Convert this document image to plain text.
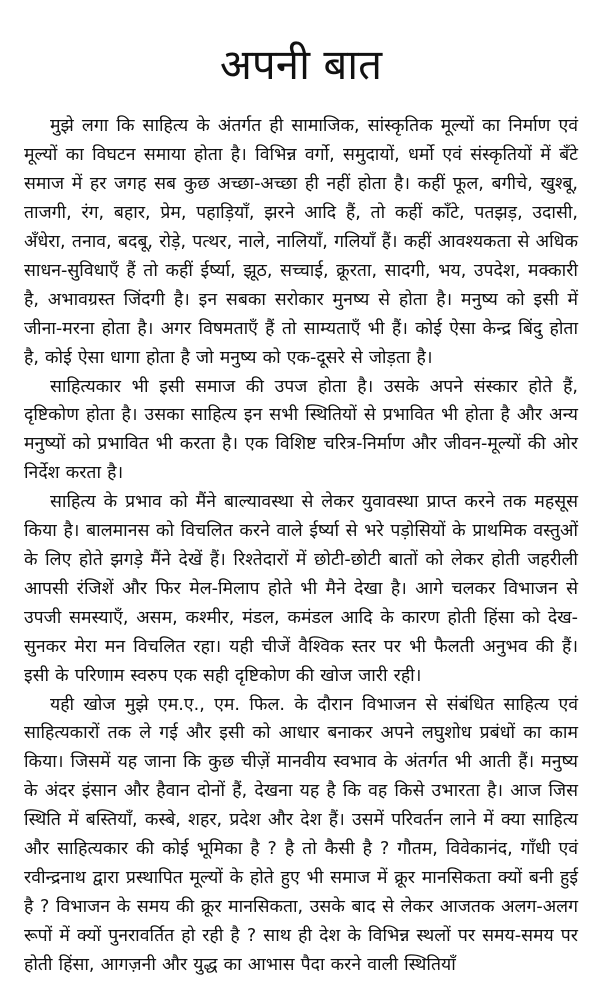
अपनी बात

मुझे लगा कि साहित्य के अंतर्गत ही सामाजिक, सांस्कृतिक मूल्यों का निर्माण एवं मूल्यों का विघटन समाया होता है। विभिन्न वर्गो, समुदायों, धर्मो एवं संस्कृतियों में बँटे समाज में हर जगह सब कुछ अच्छा-अच्छा ही नहीं होता है। कहीं फूल, बगीचे, खुश्बू, ताजगी, रंग, बहार, प्रेम, पहाड़ियाँ, झरने आदि हैं, तो कहीं काँटे, पतझड़, उदासी, अँधेरा, तनाव, बदबू, रोड़े, पत्थर, नाले, नालियाँ, गलियाँ हैं। कहीं आवश्यकता से अधिक साधन-सुविधाएँ हैं तो कहीं ईर्ष्या, झूठ, सच्चाई, क्रूरता, सादगी, भय, उपदेश, मक्कारी है, अभावग्रस्त जिंदगी है। इन सबका सरोकार मुनष्य से होता है। मनुष्य को इसी में जीना-मरना होता है। अगर विषमताएँ हैं तो साम्यताएँ भी हैं। कोई ऐसा केन्द्र बिंदु होता है, कोई ऐसा धागा होता है जो मनुष्य को एक-दूसरे से जोड़ता है।

साहित्यकार भी इसी समाज की उपज होता है। उसके अपने संस्कार होते हैं, दृष्टिकोण होता है। उसका साहित्य इन सभी स्थितियों से प्रभावित भी होता है और अन्य मनुष्यों को प्रभावित भी करता है। एक विशिष्ट चरित्र-निर्माण और जीवन-मूल्यों की ओर निर्देश करता है।

साहित्य के प्रभाव को मैंने बाल्यावस्था से लेकर युवावस्था प्राप्त करने तक महसूस किया है। बालमानस को विचलित करने वाले ईर्ष्या से भरे पड़ोसियों के प्राथमिक वस्तुओं के लिए होते झगड़े मैंने देखें हैं। रिश्तेदारों में छोटी-छोटी बातों को लेकर होती जहरीली आपसी रंजिशें और फिर मेल-मिलाप होते भी मैने देखा है। आगे चलकर विभाजन से उपजी समस्याएँ, असम, कश्मीर, मंडल, कमंडल आदि के कारण होती हिंसा को देख-सुनकर मेरा मन विचलित रहा। यही चीजें वैश्विक स्तर पर भी फैलती अनुभव की हैं। इसी के परिणाम स्वरुप एक सही दृष्टिकोण की खोज जारी रही।

यही खोज मुझे एम.ए., एम. फिल. के दौरान विभाजन से संबंधित साहित्य एवं साहित्यकारों तक ले गई और इसी को आधार बनाकर अपने लघुशोध प्रबंधों का काम किया। जिसमें यह जाना कि कुछ चीज़ें मानवीय स्वभाव के अंतर्गत भी आती हैं। मनुष्य के अंदर इंसान और हैवान दोनों हैं, देखना यह है कि वह किसे उभारता है। आज जिस स्थिति में बस्तियाँ, कस्बे, शहर, प्रदेश और देश हैं। उसमें परिवर्तन लाने में क्या साहित्य और साहित्यकार की कोई भूमिका है ? है तो कैसी है ? गौतम, विवेकानंद, गाँधी एवं रवीन्द्रनाथ द्वारा प्रस्थापित मूल्यों के होते हुए भी समाज में क्रूर मानसिकता क्यों बनी हुई है ? विभाजन के समय की क्रूर मानसिकता, उसके बाद से लेकर आजतक अलग-अलग रूपों में क्यों पुनरावर्तित हो रही है ? साथ ही देश के विभिन्न स्थलों पर समय-समय पर होती हिंसा, आगज़नी और युद्ध का आभास पैदा करने वाली स्थितियाँ
